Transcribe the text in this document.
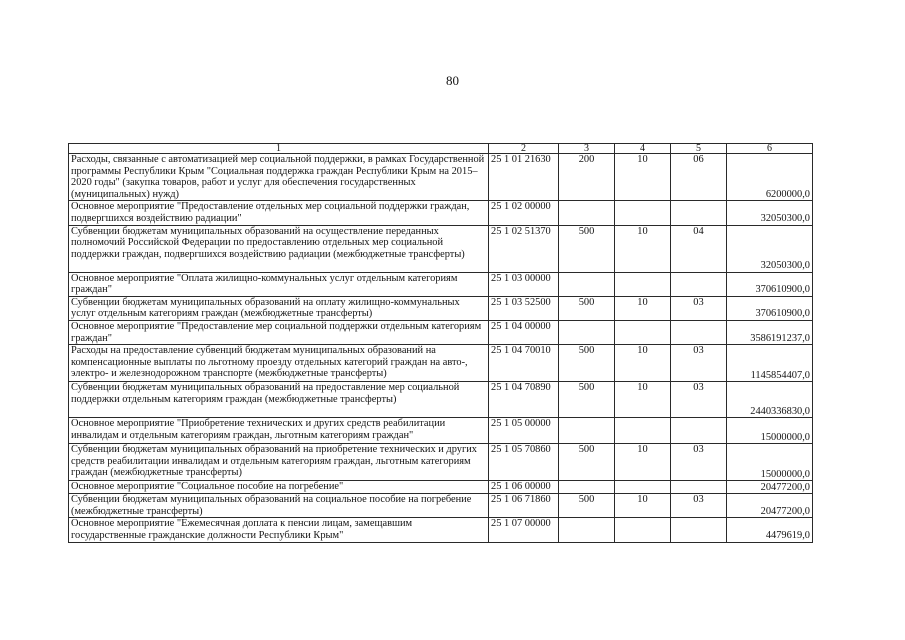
80
1	2	3	4	5	6
Расходы, связанные с автоматизацией мер социальной поддержки, в рамках Государственной программы Республики Крым "Социальная поддержка граждан Республики Крым на 2015–2020 годы" (закупка товаров, работ и услуг для обеспечения государственных (муниципальных) нужд)	25 1 01 21630	200	10	06	6200000,0
Основное мероприятие "Предоставление отдельных мер социальной поддержки граждан, подвергшихся воздействию радиации"	25 1 02 00000				32050300,0
Субвенции бюджетам муниципальных образований на осуществление переданных полномочий Российской Федерации по предоставлению отдельных мер социальной поддержки граждан, подвергшихся воздействию радиации (межбюджетные трансферты)	25 1 02 51370	500	10	04	32050300,0
Основное мероприятие "Оплата жилищно-коммунальных услуг отдельным категориям граждан"	25 1 03 00000				370610900,0
Субвенции бюджетам муниципальных образований на оплату жилищно-коммунальных услуг отдельным категориям граждан (межбюджетные трансферты)	25 1 03 52500	500	10	03	370610900,0
Основное мероприятие "Предоставление мер социальной поддержки отдельным категориям граждан"	25 1 04 00000				3586191237,0
Расходы на предоставление субвенций бюджетам муниципальных образований на компенсационные выплаты по льготному проезду отдельных категорий граждан на авто-, электро- и железнодорожном транспорте (межбюджетные трансферты)	25 1 04 70010	500	10	03	1145854407,0
Субвенции бюджетам муниципальных образований на предоставление мер социальной поддержки отдельным категориям граждан (межбюджетные трансферты)	25 1 04 70890	500	10	03	2440336830,0
Основное мероприятие "Приобретение технических и других средств реабилитации инвалидам и отдельным категориям граждан, льготным категориям граждан"	25 1 05 00000				15000000,0
Субвенции бюджетам муниципальных образований на приобретение технических и других средств реабилитации инвалидам и отдельным категориям граждан, льготным категориям граждан (межбюджетные трансферты)	25 1 05 70860	500	10	03	15000000,0
Основное мероприятие "Социальное пособие на погребение"	25 1 06 00000				20477200,0
Субвенции бюджетам муниципальных образований на социальное пособие на погребение (межбюджетные трансферты)	25 1 06 71860	500	10	03	20477200,0
Основное мероприятие "Ежемесячная доплата к пенсии лицам, замещавшим государственные гражданские должности Республики Крым"	25 1 07 00000				4479619,0
